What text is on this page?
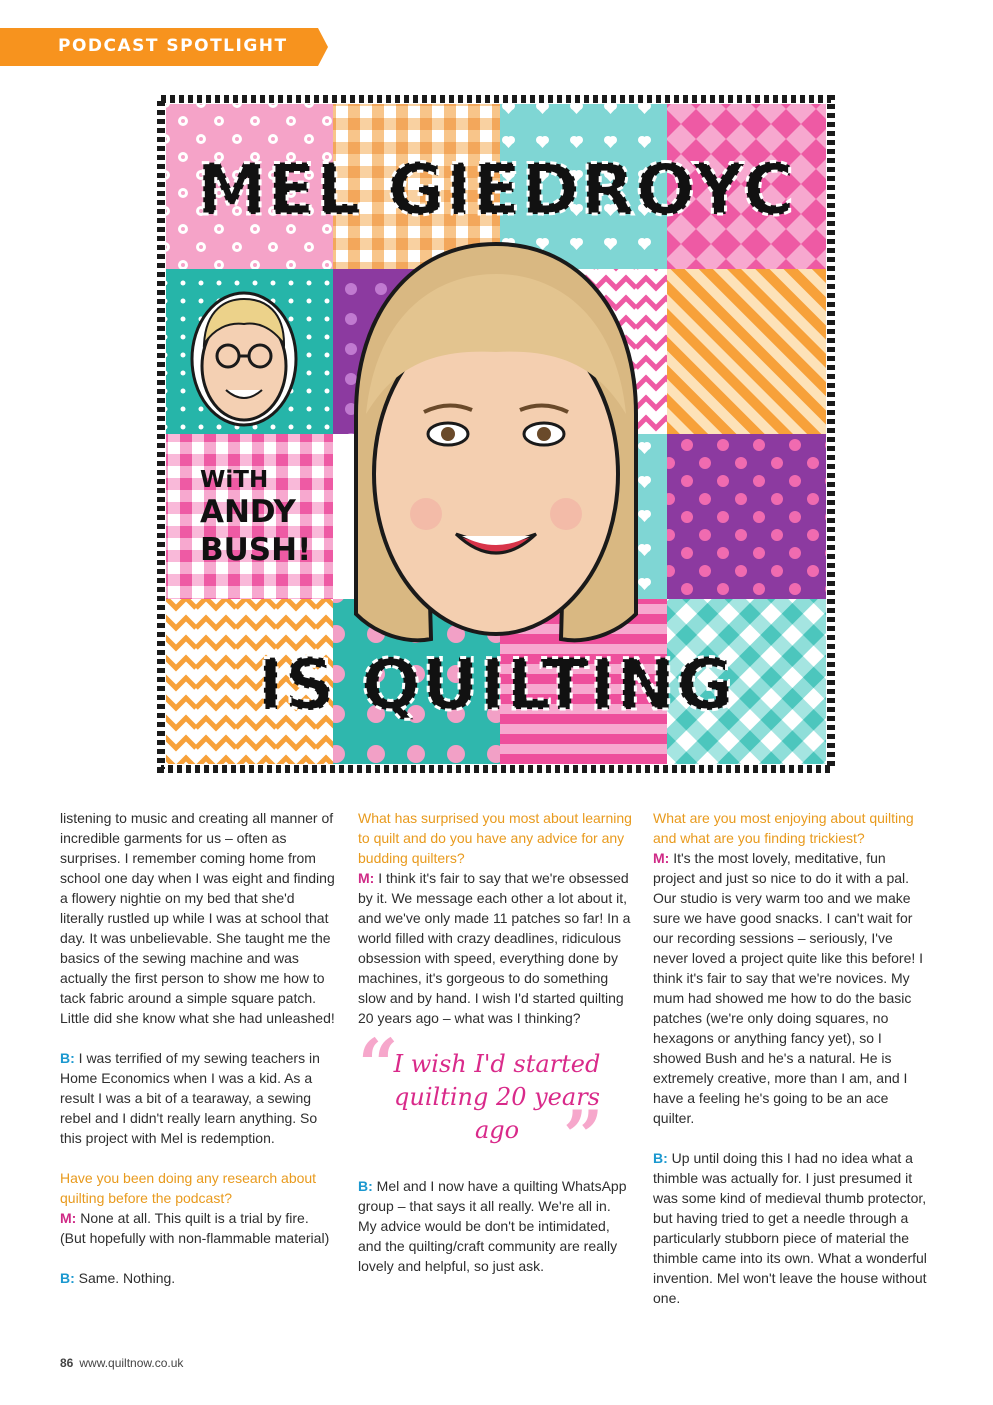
PODCAST SPOTLIGHT
WiTH
ANDY
BUSH!
MEL GIEDROYC
IS QUILTING

listening to music and creating all manner of incredible garments for us – often as surprises. I remember coming home from school one day when I was eight and finding a flowery nightie on my bed that she'd literally rustled up while I was at school that day. It was unbelievable. She taught me the basics of the sewing machine and was actually the first person to show me how to tack fabric around a simple square patch. Little did she know what she had unleashed!

B: I was terrified of my sewing teachers in Home Economics when I was a kid. As a result I was a bit of a tearaway, a sewing rebel and I didn't really learn anything. So this project with Mel is redemption.

Have you been doing any research about quilting before the podcast?

M: None at all. This quilt is a trial by fire. (But hopefully with non-flammable material)

B: Same. Nothing.

What has surprised you most about learning to quilt and do you have any advice for any budding quilters?

M: I think it's fair to say that we're obsessed by it. We message each other a lot about it, and we've only made 11 patches so far! In a world filled with crazy deadlines, ridiculous obsession with speed, everything done by machines, it's gorgeous to do something slow and by hand. I wish I'd started quilting 20 years ago – what was I thinking?

“
I wish I'd started quilting 20 years ago ”

B: Mel and I now have a quilting WhatsApp group – that says it all really. We're all in. My advice would be don't be intimidated, and the quilting/craft community are really lovely and helpful, so just ask.

What are you most enjoying about quilting and what are you finding trickiest?

M: It's the most lovely, meditative, fun project and just so nice to do it with a pal. Our studio is very warm too and we make sure we have good snacks. I can't wait for our recording sessions – seriously, I've never loved a project quite like this before! I think it's fair to say that we're novices. My mum had showed me how to do the basic patches (we're only doing squares, no hexagons or anything fancy yet), so I showed Bush and he's a natural. He is extremely creative, more than I am, and I have a feeling he's going to be an ace quilter.

B: Up until doing this I had no idea what a thimble was actually for. I just presumed it was some kind of medieval thumb protector, but having tried to get a needle through a particularly stubborn piece of material the thimble came into its own. What a wonderful invention. Mel won't leave the house without one.

86 www.quiltnow.co.uk
